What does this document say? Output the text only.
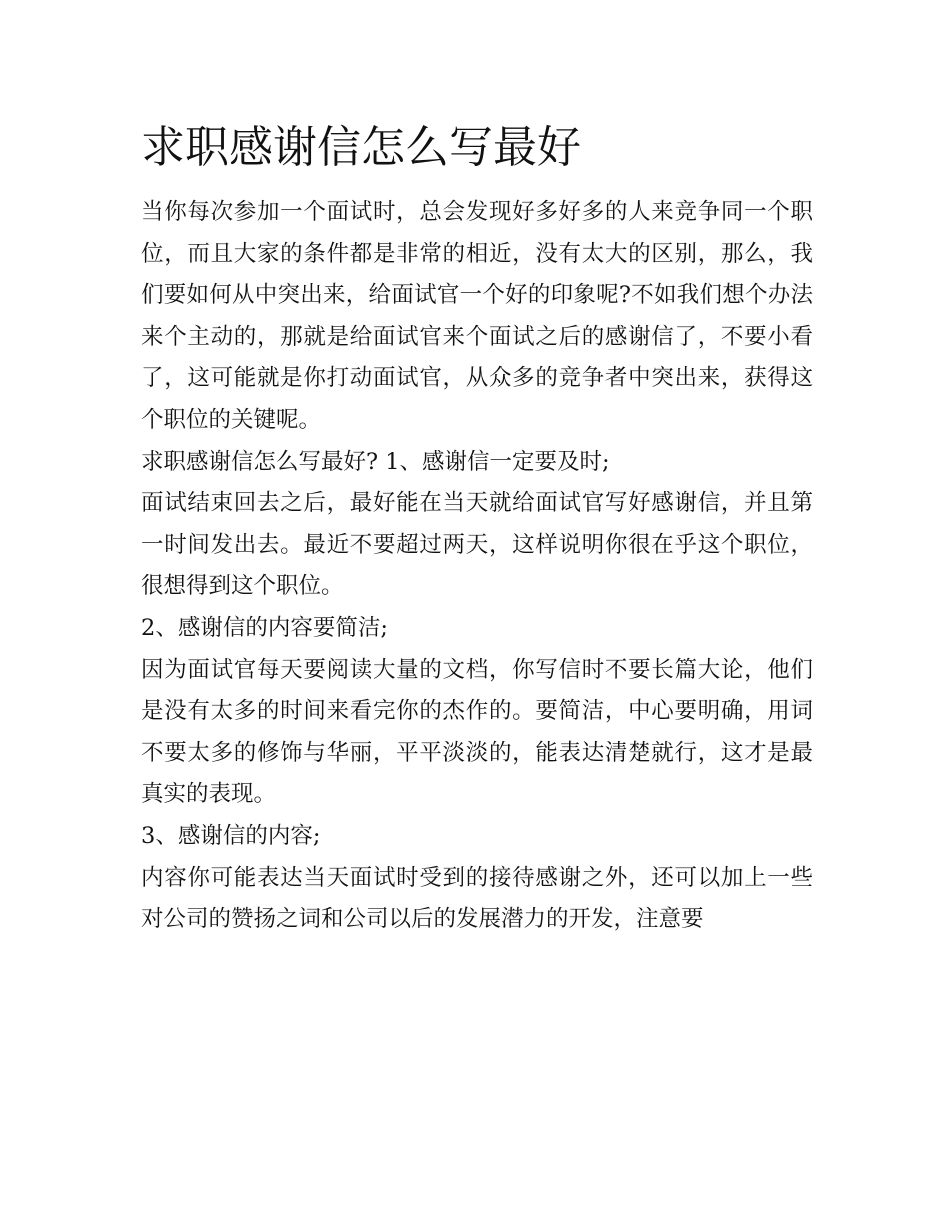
求职感谢信怎么写最好

当你每次参加一个面试时，总会发现好多好多的人来竞争同一个职位，而且大家的条件都是非常的相近，没有太大的区别，那么，我们要如何从中突出来，给面试官一个好的印象呢?不如我们想个办法来个主动的，那就是给面试官来个面试之后的感谢信了，不要小看了，这可能就是你打动面试官，从众多的竞争者中突出来，获得这个职位的关键呢。

求职感谢信怎么写最好? 1、感谢信一定要及时;

面试结束回去之后，最好能在当天就给面试官写好感谢信，并且第一时间发出去。最近不要超过两天，这样说明你很在乎这个职位，很想得到这个职位。

2、感谢信的内容要简洁;

因为面试官每天要阅读大量的文档，你写信时不要长篇大论，他们是没有太多的时间来看完你的杰作的。要简洁，中心要明确，用词不要太多的修饰与华丽，平平淡淡的，能表达清楚就行，这才是最真实的表现。

3、感谢信的内容;

内容你可能表达当天面试时受到的接待感谢之外，还可以加上一些对公司的赞扬之词和公司以后的发展潜力的开发，注意要
